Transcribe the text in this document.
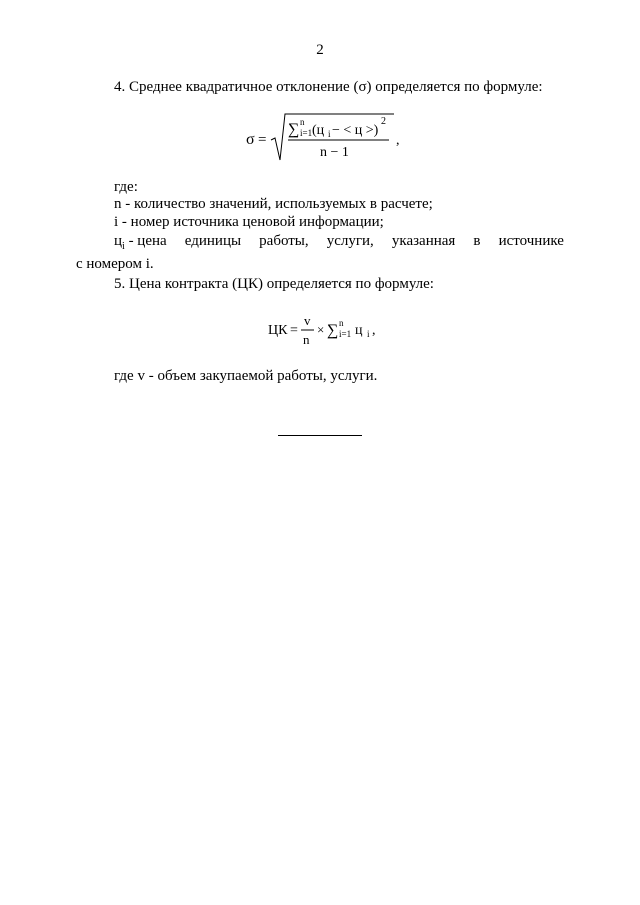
2
4. Среднее квадратичное отклонение (σ) определяется по формуле:
σ =
∑ n
i=1 (ц i − < ц >)
2
n − 1
,
где:
n - количество значений, используемых в расчете;
i - номер источника ценовой информации;
$ц_i$ - цена единицы работы, услуги, указанная в источнике
с номером i.
5. Цена контракта (ЦК) определяется по формуле:
ЦК =
v
n
× ∑ n
i=1 ц i ,
где v - объем закупаемой работы, услуги.
